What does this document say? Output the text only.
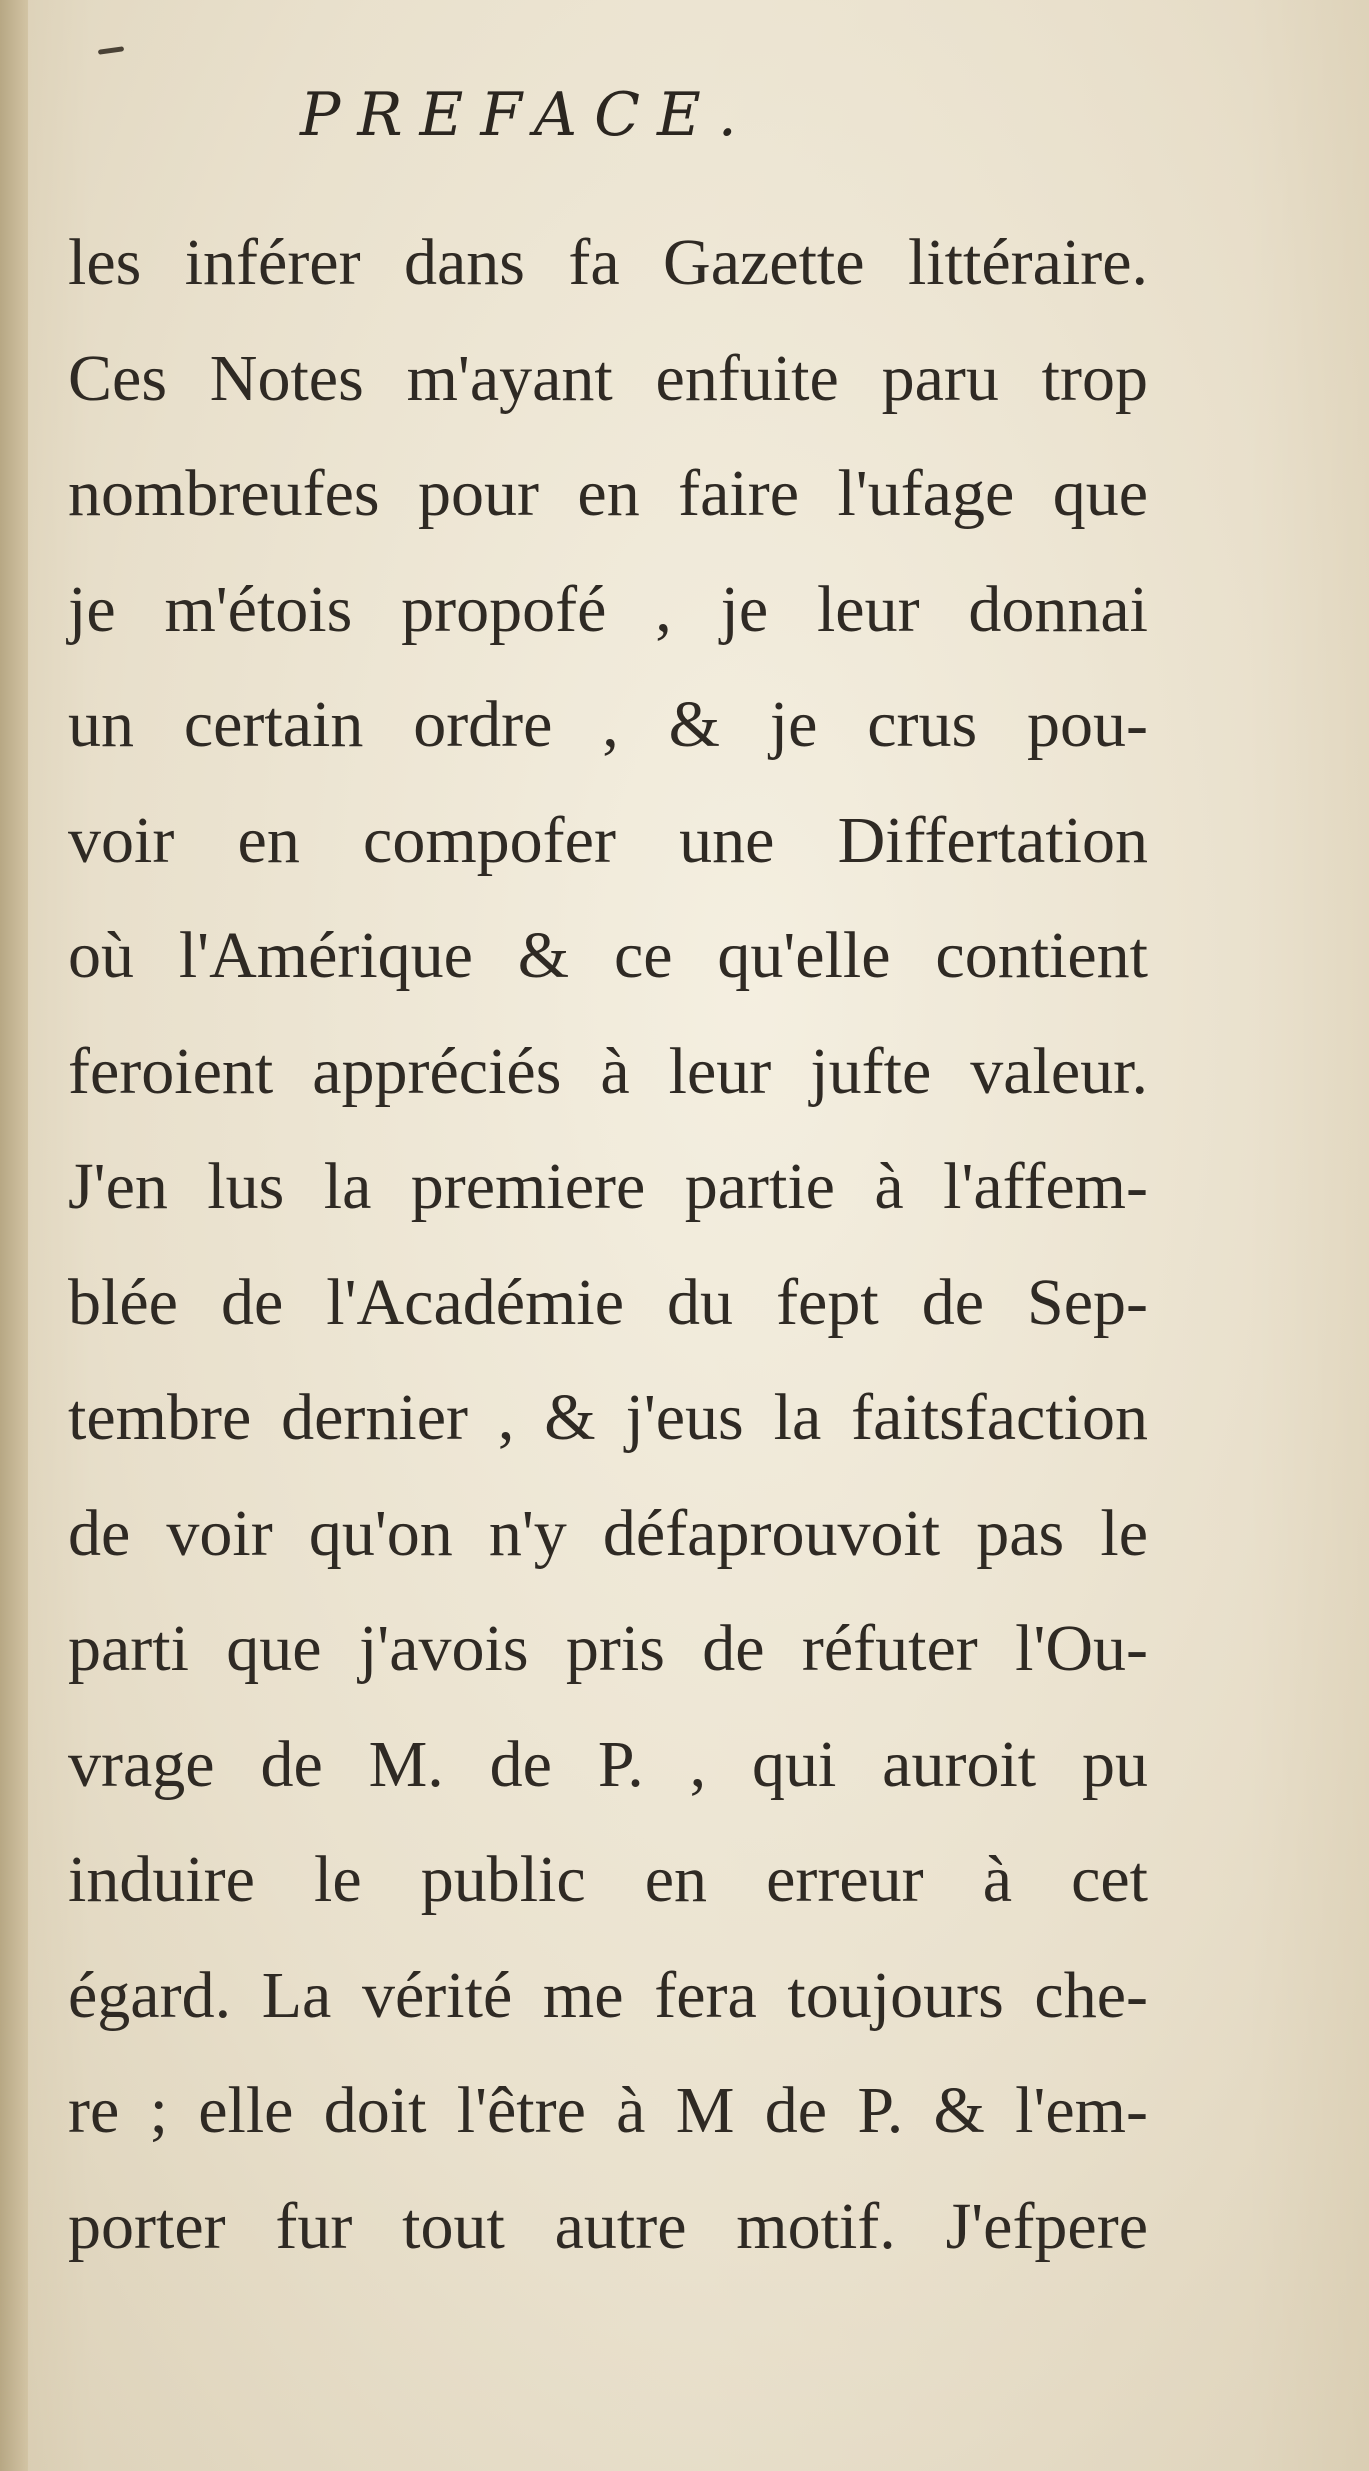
PREFACE.
les inférer dans fa Gazette littéraire.
Ces Notes m'ayant enfuite paru trop
nombreufes pour en faire l'ufage que
je m'étois propofé , je leur donnai
un certain ordre , & je crus pou-
voir en compofer une Differtation
où l'Amérique & ce qu'elle contient
feroient appréciés à leur jufte valeur.
J'en lus la premiere partie à l'affem-
blée de l'Académie du fept de Sep-
tembre dernier , & j'eus la faitsfaction
de voir qu'on n'y défaprouvoit pas le
parti que j'avois pris de réfuter l'Ou-
vrage de M. de P. , qui auroit pu
induire le public en erreur à cet
égard. La vérité me fera toujours che-
re ; elle doit l'être à M de P. & l'em-
porter fur tout autre motif. J'efpere
